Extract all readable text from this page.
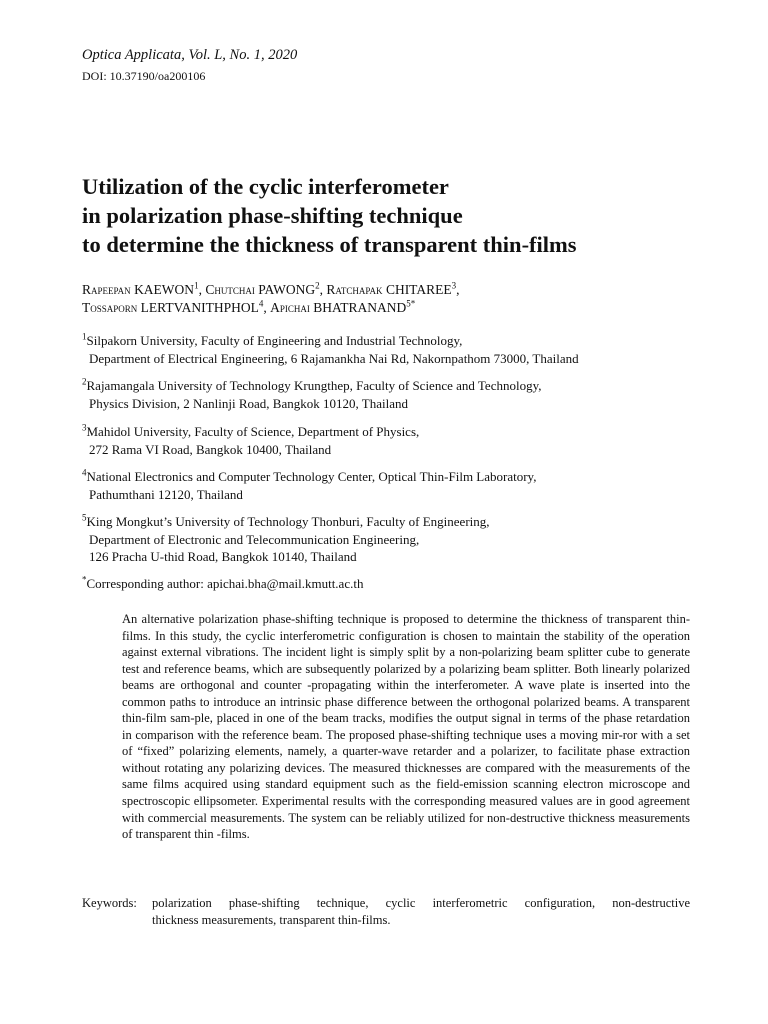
Optica Applicata, Vol. L, No. 1, 2020
DOI: 10.37190/oa200106
Utilization of the cyclic interferometer
in polarization phase-shifting technique
to determine the thickness of transparent thin-films
Rapeepan KAEWON$^1$, Chutchai PAWONG$^2$, Ratchapak CHITAREE$^3$,
Tossaporn LERTVANITHPHOL$^4$, Apichai $BHATRANAND^{5*}$
$^1$Silpakorn University, Faculty of Engineering and Industrial Technology,
Department of Electrical Engineering, 6 Rajamankha Nai Rd, Nakornpathom 73000, Thailand
$^2$Rajamangala University of Technology Krungthep, Faculty of Science and Technology,
Physics Division, 2 Nanlinji Road, Bangkok 10120, Thailand
$^3$Mahidol University, Faculty of Science, Department of Physics,
272 Rama VI Road, Bangkok 10400, Thailand
$^4$National Electronics and Computer Technology Center, Optical Thin-Film Laboratory,
Pathumthani 12120, Thailand
$^5$King Mongkut’s University of Technology Thonburi, Faculty of Engineering,
Department of Electronic and Telecommunication Engineering,
126 Pracha U-thid Road, Bangkok 10140, Thailand
*Corresponding author: apichai.bha@mail.kmutt.ac.th

An alternative polarization phase-shifting technique is proposed to determine the thickness of transparent thin-films. In this study, the cyclic interferometric configuration is chosen to maintain the stability of the operation against external vibrations. The incident light is simply split by a non-polarizing beam splitter cube to generate test and reference beams, which are subsequently polarized by a polarizing beam splitter. Both linearly polarized beams are orthogonal and counter -propagating within the interferometer. A wave plate is inserted into the common paths to introduce an intrinsic phase difference between the orthogonal polarized beams. A transparent thin-film sam-ple, placed in one of the beam tracks, modifies the output signal in terms of the phase retardation in comparison with the reference beam. The proposed phase-shifting technique uses a moving mir-ror with a set of “fixed” polarizing elements, namely, a quarter-wave retarder and a polarizer, to facilitate phase extraction without rotating any polarizing devices. The measured thicknesses are compared with the measurements of the same films acquired using standard equipment such as the field-emission scanning electron microscope and spectroscopic ellipsometer. Experimental results with the corresponding measured values are in good agreement with commercial measurements. The system can be reliably utilized for non-destructive thickness measurements of transparent thin -films.

Keywords:	polarization phase-shifting technique, cyclic interferometric configuration, non-destructive
thickness measurements, transparent thin-films.
